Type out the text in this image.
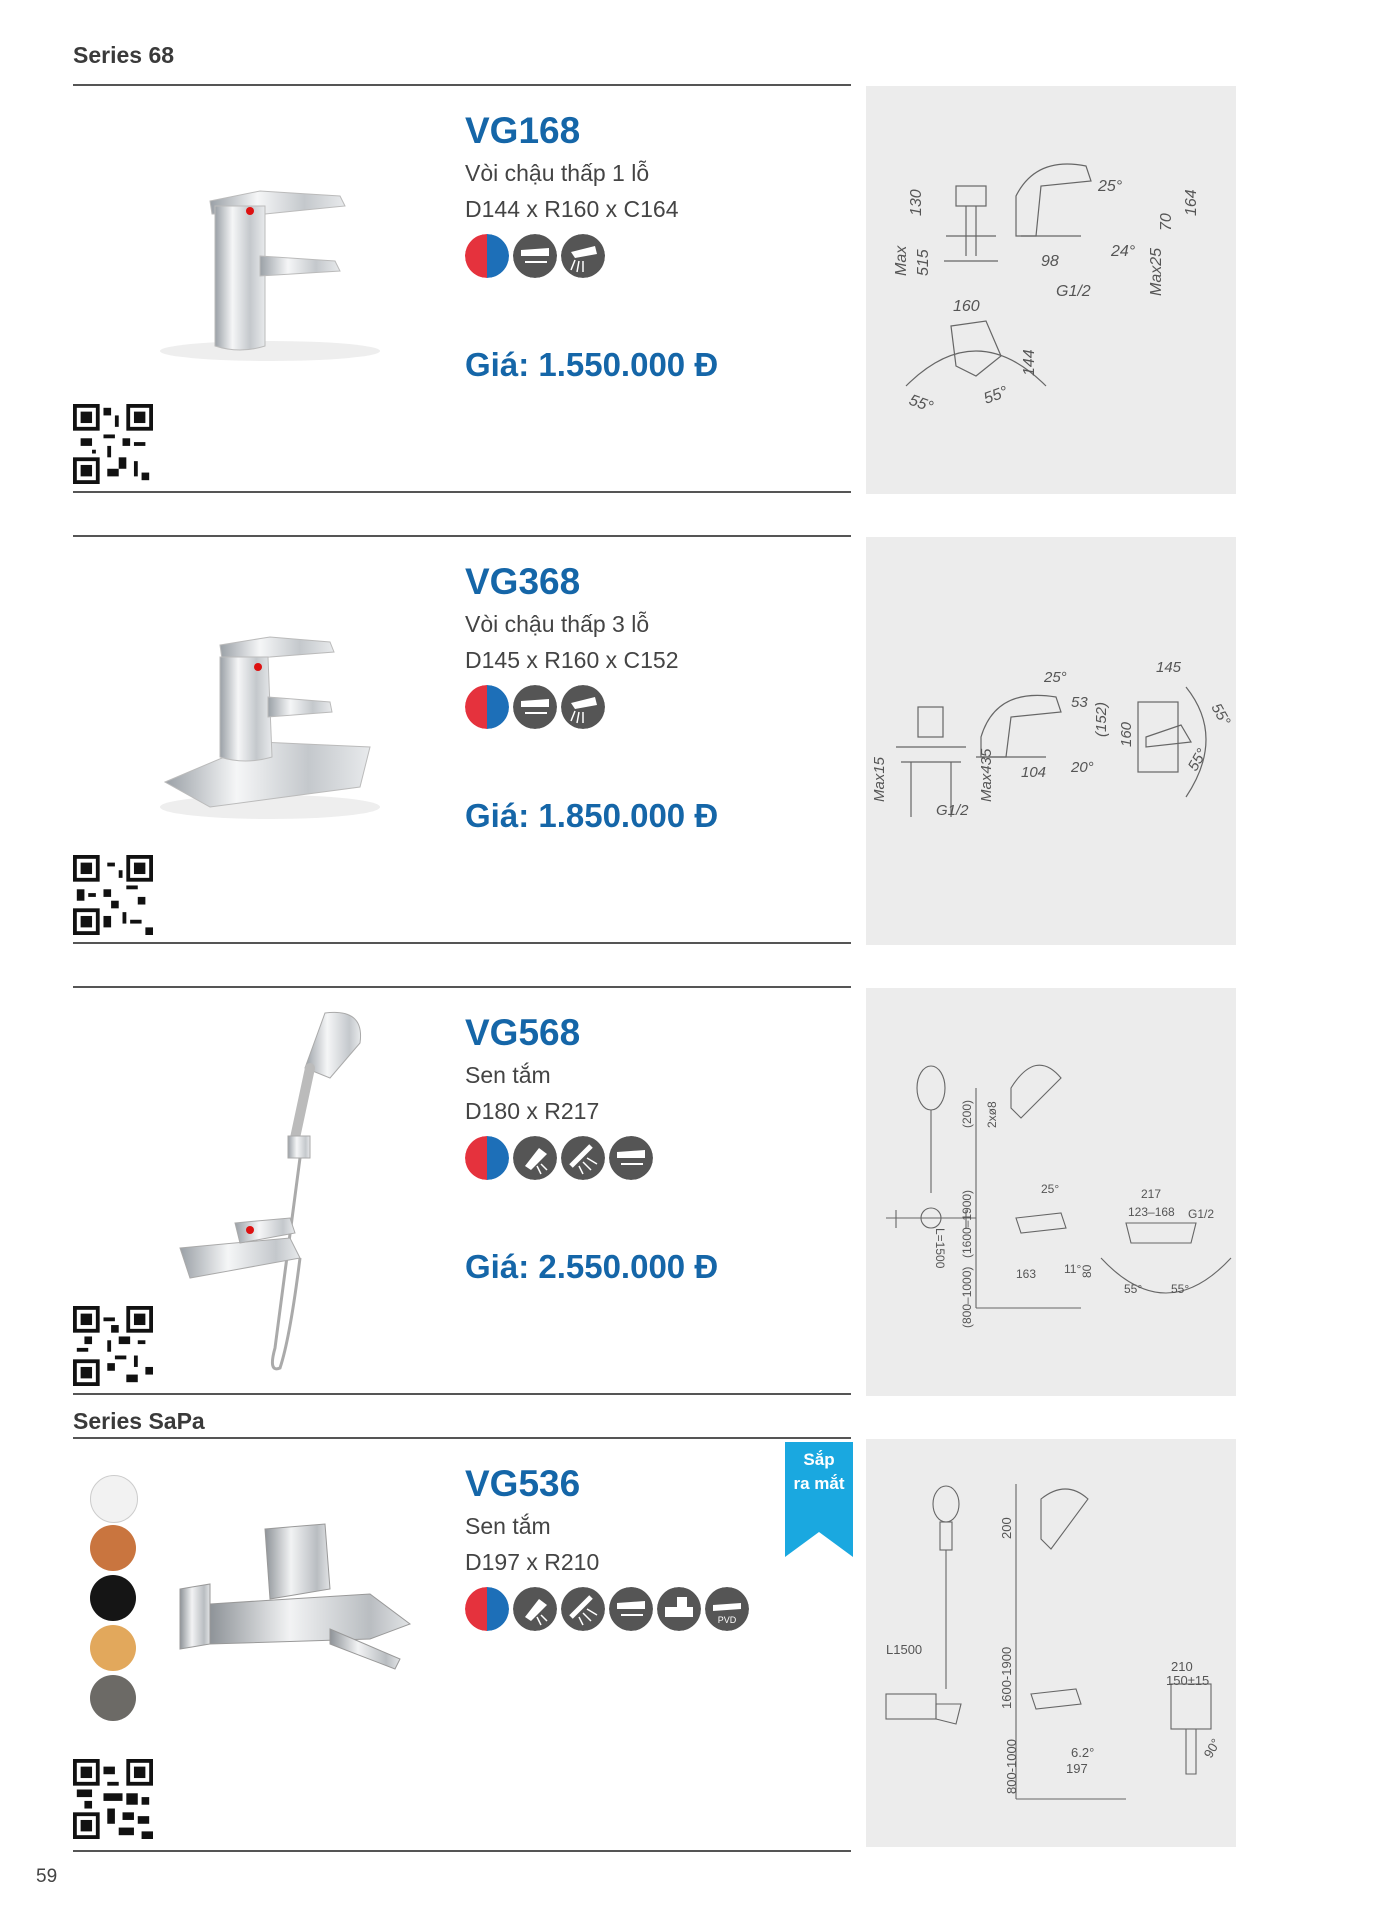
Series 68
VG168
Vòi chậu thấp 1 lỗ
D144 x R160 x C164
Giá: 1.550.000 Đ
130
Max 515
25°
164
70
98
24° Max25
G1/2
160
144
55°	55°
VG368
Vòi chậu thấp 3 lỗ
D145 x R160 x C152
Giá: 1.850.000 Đ
25°
145
53 (152) 160
55°
55°
Max15	Max435 104 20°
G1/2
VG568
Sen tắm
D180 x R217
Giá: 2.550.000 Đ
(200) 2xø8
L=1500 (1600–1900)
25°	217
123–168 G1/2
(800–1000)	163 11°
80
55° 55°
Series SaPa
VG536
Sen tắm
D197 x R210
PVD
200
L1500	1600-1900
800-1000	6.2°
197
210
150±15
90°
Sắp
ra mắt
59
